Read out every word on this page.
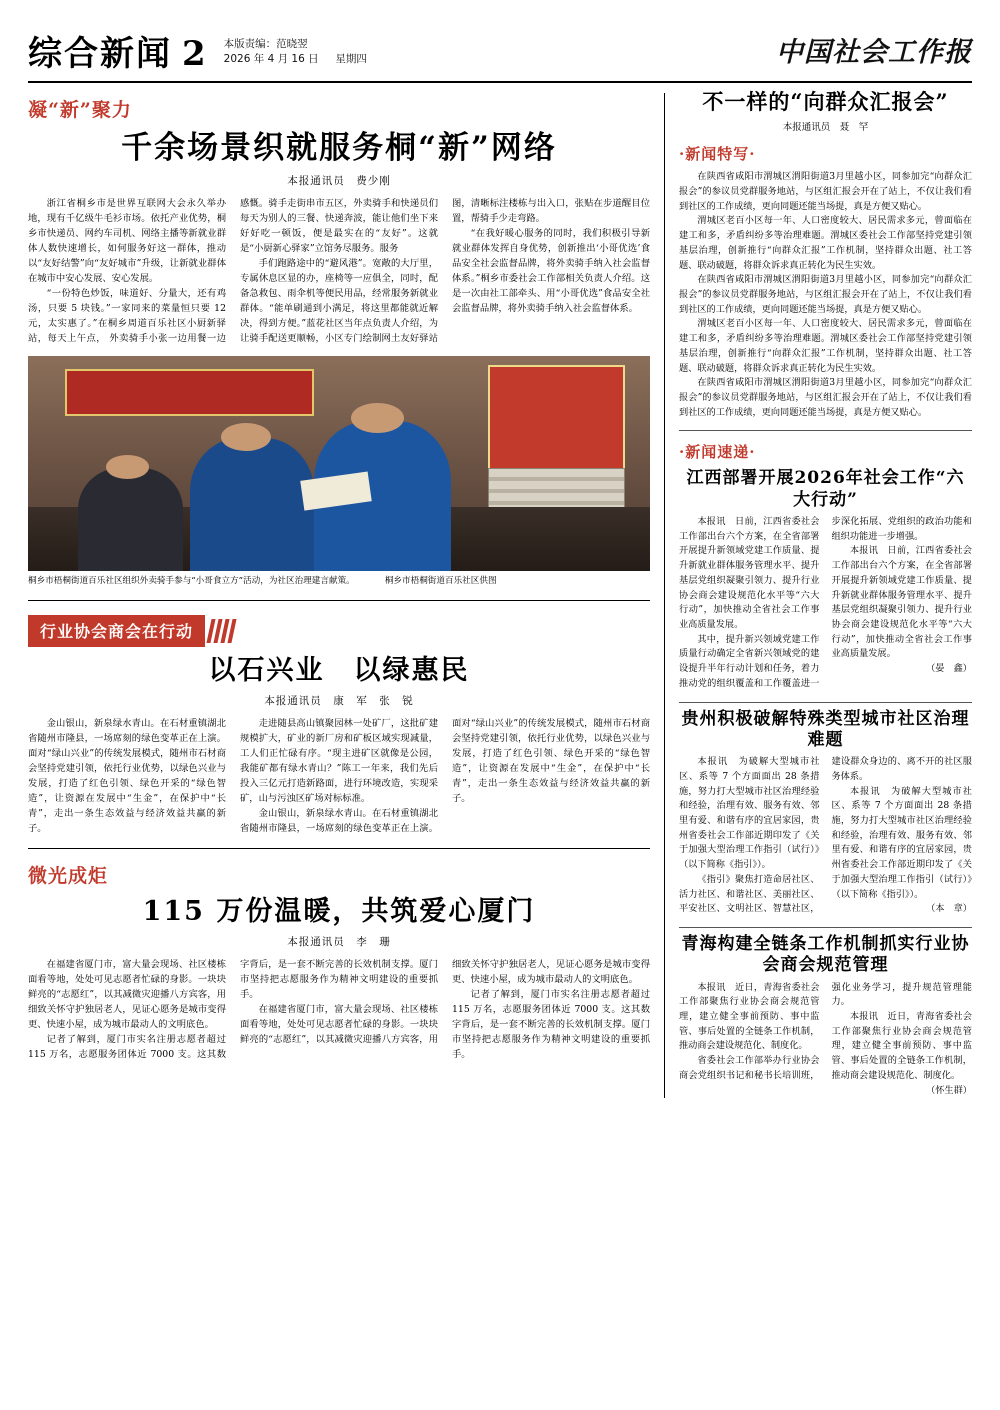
综合新闻 2 本版责编：范晓翌
2026 年 4 月 16 日 星期四	中国社会工作报
凝“新”聚力
千余场景织就服务桐“新”网络
本报通讯员　费少刚

浙江省桐乡市是世界互联网大会永久举办地，现有千亿级牛毛衫市场。依托产业优势，桐乡市快递员、网约车司机、网络主播等新就业群体人数快速增长，如何服务好这一群体，推动以“友好结警”向“友好城市”升级，让新就业群体在城市中安心发展、安心发展。

“一份特色炒饭，味道好、分量大，还有鸡汤，只要 5 块钱。”一家同来的菜量恒只要 12 元，太实惠了。”在桐乡周道百乐社区小厨新驿站，每天上午点， 外卖骑手小张一边用餐一边感慨。骑手走街串市五区，外卖骑手和快递员们每天为别人的三餐、快递奔波，能让他们坐下来好好吃一顿饭，便是最实在的“友好”。这就是“小厨新心驿家”立馆务尽服务。服务

手们跑路途中的“避风港”。宽敞的大厅里，专属休息区显的办，座椅等一应俱全，同时，配备急救包、雨伞机等便民用品，经常服务新就业群体。“能单刷通到小满足，将这里都能就近解决，得到方便。”蓝花社区当年点负责人介绍，为让骑手配送更顺畅，小区专门绘制网土友好驿站图，清晰标注楼栋与出入口，张贴在步道醒目位置，帮骑手少走弯路。

“在我好暖心服务的同时，我们积极引导新就业群体发挥自身优势，创新推出‘小哥优选’食品安全社会监督品牌，将外卖骑手纳入社会监督体系。”桐乡市委社会工作部相关负责人介绍。这是一次由社工部牵头、用“小哥优选”食品安全社会监督品牌，将外卖骑手纳入社会监督体系。

桐乡市梧桐街道百乐社区组织外卖骑手参与“小哥食立方”活动，为社区治理建言献策。　　　　桐乡市梧桐街道百乐社区供图
行业协会商会在行动
以石兴业　以绿惠民
本报通讯员　康　军　张　锐

金山银山，新泉绿水青山。在石材重镇湖北省随州市隆县，一场席刻的绿色变革正在上演。面对“绿山兴业”的传统发展模式，随州市石材商会坚持党建引领，依托行业优势，以绿色兴业与发展，打造了红色引领、绿色开采的“绿色智造”，让资源在发展中“生金”，在保护中“长青”，走出一条生态效益与经济效益共赢的新子。

走进随县高山镇聚园林一处矿厂，这批矿建规模扩大，矿业的新厂房和矿板区域实现减量，工人们正忙碌有序。“现主进矿区就像是公园，我能矿都有绿水青山？”陈工一年来，我们先后投入三亿元打造新路面，进行环境改造，实现采矿，山与污浊区矿场对标标准。

金山银山，新泉绿水青山。在石材重镇湖北省随州市隆县，一场席刻的绿色变革正在上演。面对“绿山兴业”的传统发展模式，随州市石材商会坚持党建引领，依托行业优势，以绿色兴业与发展，打造了红色引领、绿色开采的“绿色智造”，让资源在发展中“生金”，在保护中“长青”，走出一条生态效益与经济效益共赢的新子。

微光成炬
115 万份温暖，共筑爱心厦门
本报通讯员　李　珊

在福建省厦门市，富大量会现场、社区楼栋面看等地，处处可见志愿者忙碌的身影。一块块鲜亮的“志愿红”，以其减微灾迎播八方宾客，用细致关怀守护独居老人，见证心愿务是城市变得更、快速小屋，成为城市最动人的文明底色。

记者了解到，厦门市实名注册志愿者超过 115 万名，志愿服务团体近 7000 支。这其数字背后，是一套不断完善的长效机制支撑。厦门市坚持把志愿服务作为精神文明建设的重要抓手。

在福建省厦门市，富大量会现场、社区楼栋面看等地，处处可见志愿者忙碌的身影。一块块鲜亮的“志愿红”，以其减微灾迎播八方宾客，用细致关怀守护独居老人，见证心愿务是城市变得更、快速小屋，成为城市最动人的文明底色。

记者了解到，厦门市实名注册志愿者超过 115 万名，志愿服务团体近 7000 支。这其数字背后，是一套不断完善的长效机制支撑。厦门市坚持把志愿服务作为精神文明建设的重要抓手。

不一样的“向群众汇报会”
本报通讯员　聂　罕
·新闻特写·

在陕西省咸阳市渭城区渭阳街道3月里越小区，同参加完“向群众汇报会”的参议员党群服务地站，与区组汇报会开在了站上，不仅让我们看到社区的工作成绩，更向同题还能当场提，真是方便又贴心。

渭城区老百小区每一年、人口密度较大、居民需求多元，曾面临在建工和多，矛盾纠纷多等治理难题。渭城区委社会工作部坚持党建引领基层治理，创新推行“向群众汇报”工作机制，坚持群众出题、社工答题、联动破题，将群众诉求真正转化为民生实效。

在陕西省咸阳市渭城区渭阳街道3月里越小区，同参加完“向群众汇报会”的参议员党群服务地站，与区组汇报会开在了站上，不仅让我们看到社区的工作成绩，更向同题还能当场提，真是方便又贴心。

渭城区老百小区每一年、人口密度较大、居民需求多元，曾面临在建工和多，矛盾纠纷多等治理难题。渭城区委社会工作部坚持党建引领基层治理，创新推行“向群众汇报”工作机制，坚持群众出题、社工答题、联动破题，将群众诉求真正转化为民生实效。

在陕西省咸阳市渭城区渭阳街道3月里越小区，同参加完“向群众汇报会”的参议员党群服务地站，与区组汇报会开在了站上，不仅让我们看到社区的工作成绩，更向同题还能当场提，真是方便又贴心。

·新闻速递·
江西部署开展2026年社会工作“六大行动”

本报讯　日前，江西省委社会工作部出台六个方案，在全省部署开展提升新领域党建工作质量、提升新就业群体服务管理水平、提升基层党组织凝聚引领力、提升行业协会商会建设规范化水平等“六大行动”，加快推动全省社会工作事业高质量发展。

其中，提升新兴领域党建工作质量行动确定全省新兴领域党的建设提升半年行动计划和任务，着力推动党的组织覆盖和工作覆盖进一步深化拓展、党组织的政治功能和组织功能进一步增强。

本报讯　日前，江西省委社会工作部出台六个方案，在全省部署开展提升新领域党建工作质量、提升新就业群体服务管理水平、提升基层党组织凝聚引领力、提升行业协会商会建设规范化水平等“六大行动”，加快推动全省社会工作事业高质量发展。

（晏　鑫）

贵州积极破解特殊类型城市社区治理难题

本报讯　为破解大型城市社区、系等 7 个方面面出 28 条措施，努力打大型城市社区治理经验和经验，治理有效、服务有效、邻里有爱、和谐有序的宜居家园，贵州省委社会工作部近期印发了《关于加强大型治理工作指引（试行）》（以下简称《指引》）。

《指引》聚焦打造命居社区、活力社区、和谐社区、美丽社区、平安社区、文明社区、智慧社区，建设群众身边的、离不开的社区服务体系。

本报讯　为破解大型城市社区、系等 7 个方面面出 28 条措施，努力打大型城市社区治理经验和经验，治理有效、服务有效、邻里有爱、和谐有序的宜居家园，贵州省委社会工作部近期印发了《关于加强大型治理工作指引（试行）》（以下简称《指引》）。

（本　章）

青海构建全链条工作机制抓实行业协会商会规范管理

本报讯　近日，青海省委社会工作部聚焦行业协会商会规范管理，建立健全事前预防、事中监管、事后处置的全链条工作机制，推动商会建设规范化、制度化。

省委社会工作部举办行业协会商会党组织书记和秘书长培训班，强化业务学习，提升规范管理能力。

本报讯　近日，青海省委社会工作部聚焦行业协会商会规范管理，建立健全事前预防、事中监管、事后处置的全链条工作机制，推动商会建设规范化、制度化。

（怀生群）
